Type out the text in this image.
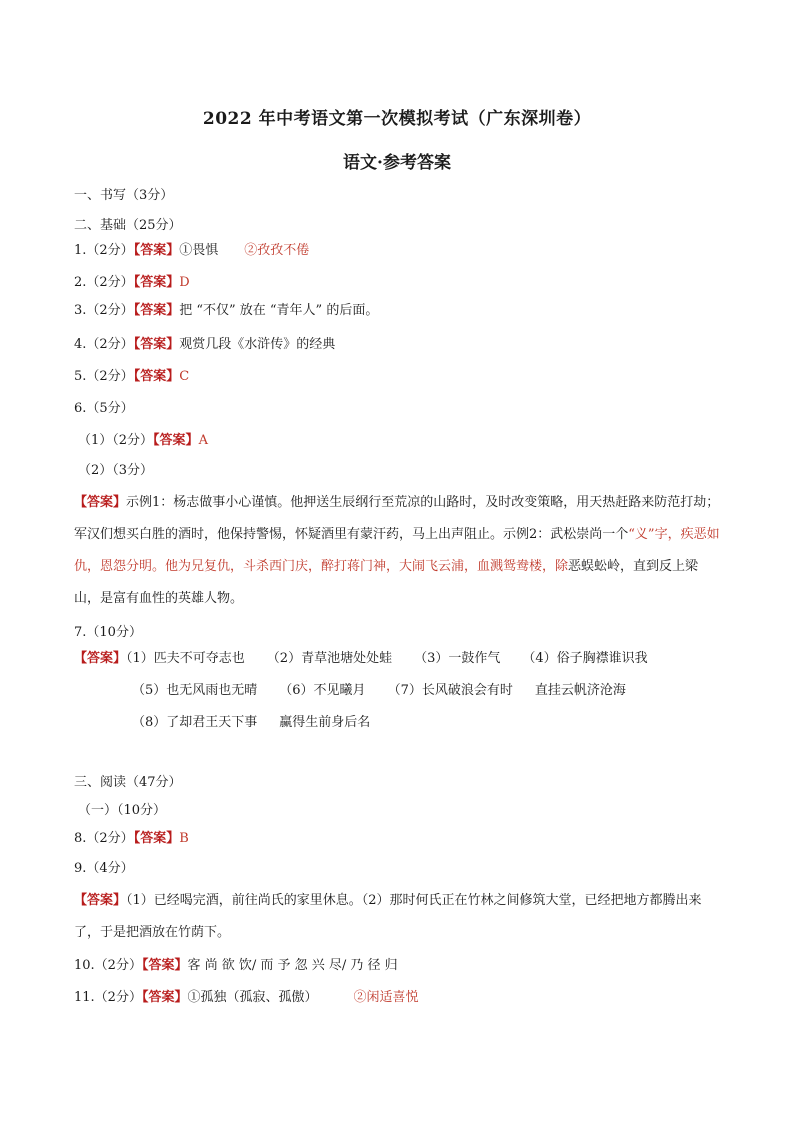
2022 年中考语文第一次模拟考试（广东深圳卷）
语文·参考答案
一、书写（3分）
二、基础（25分）
1.（2分）【答案】①畏惧 ②孜孜不倦
2.（2分）【答案】D
3.（2分）【答案】把 “不仅” 放在 “青年人” 的后面。
4.（2分）【答案】观赏几段《水浒传》的经典
5.（2分）【答案】C
6.（5分）
（1）（2分）【答案】A
（2）（3分）
【答案】示例1：杨志做事小心谨慎。他押送生辰纲行至荒凉的山路时，及时改变策略，用天热赶路来防范打劫；军汉们想买白胜的酒时，他保持警惕，怀疑酒里有蒙汗药，马上出声阻止。示例2：武松崇尚一个“义”字，疾恶如仇，恩怨分明。他为兄复仇，斗杀西门庆，醉打蒋门神，大闹飞云浦，血溅鸳鸯楼，除恶蜈蚣岭，直到反上梁山，是富有血性的英雄人物。
7.（10分）
【答案】（1）匹夫不可夺志也 （2）青草池塘处处蛙 （3）一鼓作气 （4）俗子胸襟谁识我
（5）也无风雨也无晴 （6）不见曦月 （7）长风破浪会有时 直挂云帆济沧海
（8）了却君王天下事 赢得生前身后名
三、阅读（47分）
（一）（10分）
8.（2分）【答案】B
9.（4分）
【答案】（1）已经喝完酒，前往尚氏的家里休息。（2）那时何氏正在竹林之间修筑大堂，已经把地方都腾出来了，于是把酒放在竹荫下。
10.（2分）【答案】客 尚 欲 饮/ 而 予 忽 兴 尽/ 乃 径 归
11.（2分）【答案】①孤独（孤寂、孤傲）	②闲适喜悦
